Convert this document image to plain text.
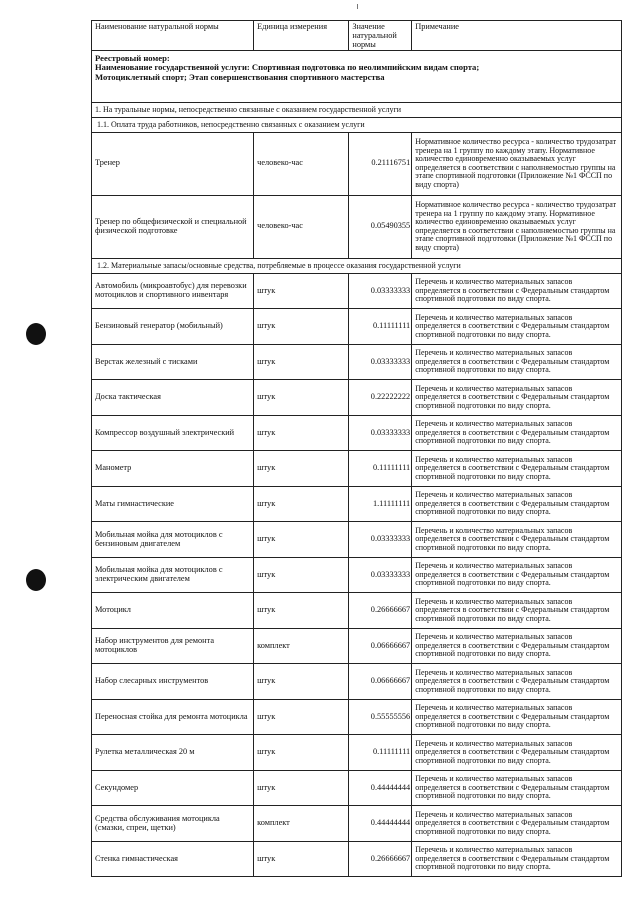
Наименование натуральной нормы	Единица измерения	Значение натуральной нормы	Примечание

Реестровый номер:
Наименование государственной услуги: Спортивная подготовка по неолимпийским видам спорта;
Мотоциклетный спорт; Этап совершенствования спортивного мастерства			

1. На туральные нормы, непосредственно связанные с оказанием государственной услуги			
1.1. Оплата труда работников, непосредственно связанных с оказанием услуги			
Тренер	человеко-час	0.21116751	Нормативное количество ресурса - количество трудозатрат тренера на 1 группу по каждому этапу. Нормативное количество единовременно оказываемых услуг определяется в соответствии с наполняемостью группы на этапе спортивной подготовки (Приложение №1 ФССП по виду спорта)
Тренер по общефизической и специальной физической подготовке	человеко-час	0.05490355	Нормативное количество ресурса - количество трудозатрат тренера на 1 группу по каждому этапу. Нормативное количество единовременно оказываемых услуг определяется в соответствии с наполняемостью группы на этапе спортивной подготовки (Приложение №1 ФССП по виду спорта)
1.2. Материальные запасы/основные средства, потребляемые в процессе оказания государственной услуги			
Автомобиль (микроавтобус) для перевозки мотоциклов и спортивного инвентаря	штук	0.03333333	Перечень и количество материальных запасов определяется в соответствии с Федеральным стандартом спортивной подготовки по виду спорта.
Бензиновый генератор (мобильный)	штук	0.11111111	Перечень и количество материальных запасов определяется в соответствии с Федеральным стандартом спортивной подготовки по виду спорта.
Верстак железный с тисками	штук	0.03333333	Перечень и количество материальных запасов определяется в соответствии с Федеральным стандартом спортивной подготовки по виду спорта.
Доска тактическая	штук	0.22222222	Перечень и количество материальных запасов определяется в соответствии с Федеральным стандартом спортивной подготовки по виду спорта.
Компрессор воздушный электрический	штук	0.03333333	Перечень и количество материальных запасов определяется в соответствии с Федеральным стандартом спортивной подготовки по виду спорта.
Манометр	штук	0.11111111	Перечень и количество материальных запасов определяется в соответствии с Федеральным стандартом спортивной подготовки по виду спорта.
Маты гимнастические	штук	1.11111111	Перечень и количество материальных запасов определяется в соответствии с Федеральным стандартом спортивной подготовки по виду спорта.
Мобильная мойка для мотоциклов с бензиновым двигателем	штук	0.03333333	Перечень и количество материальных запасов определяется в соответствии с Федеральным стандартом спортивной подготовки по виду спорта.
Мобильная мойка для мотоциклов с электрическим двигателем	штук	0.03333333	Перечень и количество материальных запасов определяется в соответствии с Федеральным стандартом спортивной подготовки по виду спорта.
Мотоцикл	штук	0.26666667	Перечень и количество материальных запасов определяется в соответствии с Федеральным стандартом спортивной подготовки по виду спорта.
Набор инструментов для ремонта мотоциклов	комплект	0.06666667	Перечень и количество материальных запасов определяется в соответствии с Федеральным стандартом спортивной подготовки по виду спорта.
Набор слесарных инструментов	штук	0.06666667	Перечень и количество материальных запасов определяется в соответствии с Федеральным стандартом спортивной подготовки по виду спорта.
Переносная стойка для ремонта мотоцикла	штук	0.55555556	Перечень и количество материальных запасов определяется в соответствии с Федеральным стандартом спортивной подготовки по виду спорта.
Рулетка металлическая 20 м	штук	0.11111111	Перечень и количество материальных запасов определяется в соответствии с Федеральным стандартом спортивной подготовки по виду спорта.
Секундомер	штук	0.44444444	Перечень и количество материальных запасов определяется в соответствии с Федеральным стандартом спортивной подготовки по виду спорта.
Средства обслуживания мотоцикла (смазки, спреи, щетки)	комплект	0.44444444	Перечень и количество материальных запасов определяется в соответствии с Федеральным стандартом спортивной подготовки по виду спорта.
Стенка гимнастическая	штук	0.26666667	Перечень и количество материальных запасов определяется в соответствии с Федеральным стандартом спортивной подготовки по виду спорта.
